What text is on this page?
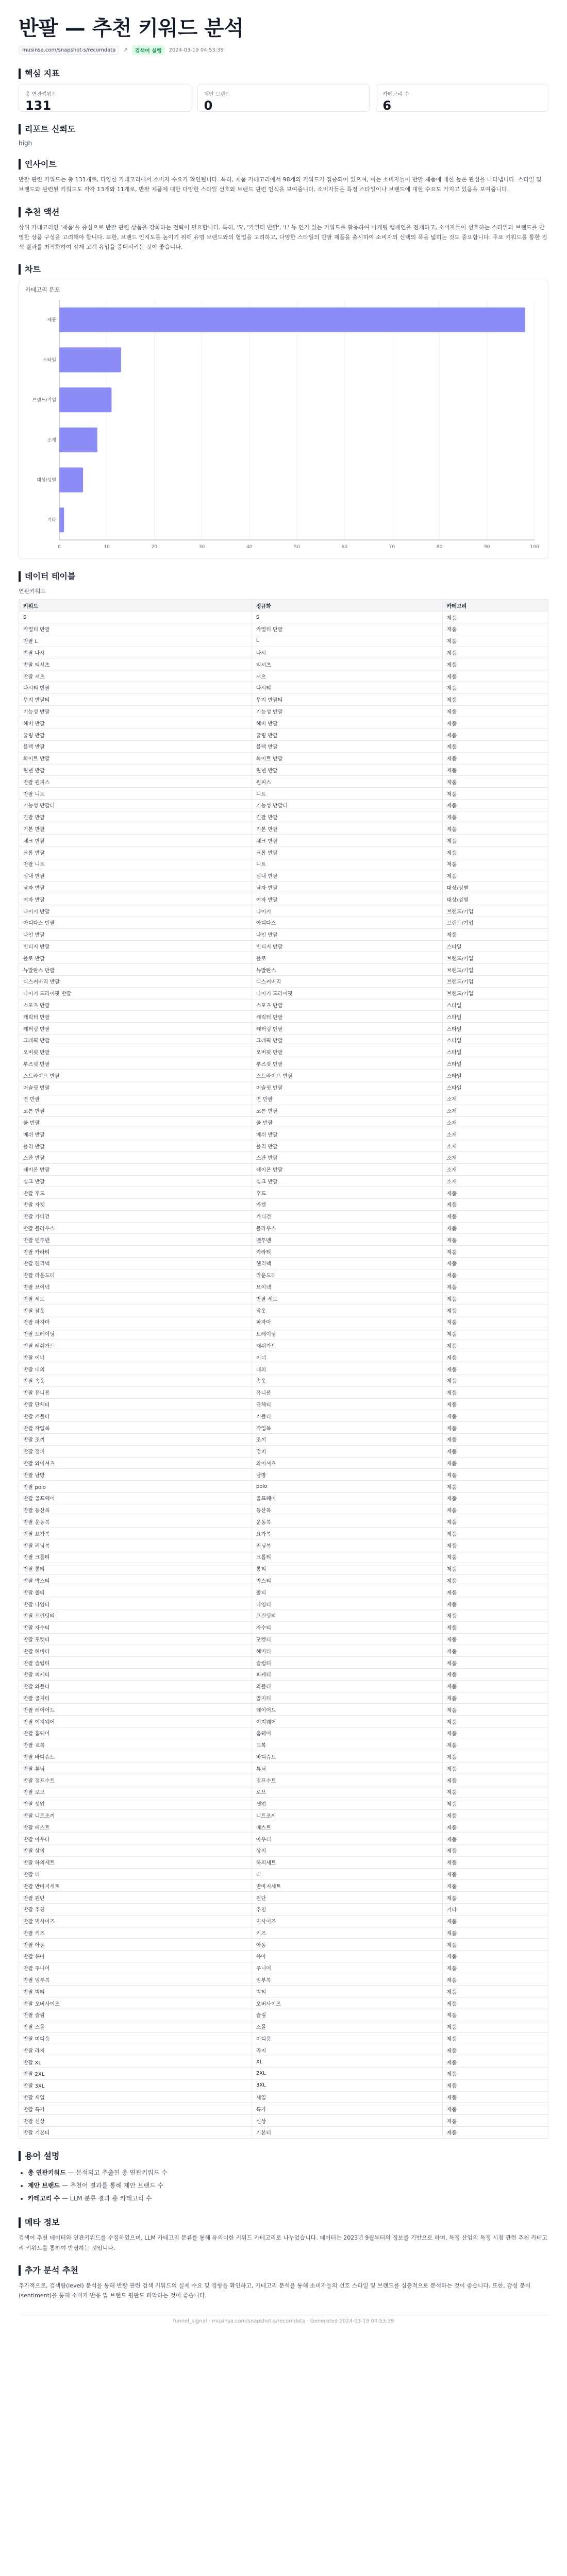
반팔 — 추천 키워드 분석
musinsa.com/snapshot-s/recomdata	↗	검색어 실행	2024-03-19 04:53:39
핵심 지표
총 연관키워드
131
제안 브랜드
0
카테고리 수
6
리포트 신뢰도
high
인사이트

반팔 관련 키워드는 총 131개로, 다양한 카테고리에서 소비자 수요가 확인됩니다. 특히, 제품 카테고리에서 98개의 키워드가 집중되어 있으며, 이는 소비자들이 반팔 제품에 대한 높은 관심을 나타냅니다. 스타일 및 브랜드와 관련된 키워드도 각각 13개와 11개로, 반팔 제품에 대한 다양한 스타일 선호와 브랜드 관련 인식을 보여줍니다. 소비자들은 특정 스타일이나 브랜드에 대한 수요도 가지고 있음을 보여줍니다.

추천 액션

상위 카테고리인 '제품'을 중심으로 반팔 관련 상품을 강화하는 전략이 필요합니다. 특히, 'S', '카열티 반팔', 'L' 등 인기 있는 키워드를 활용하여 마케팅 캠페인을 전개하고, 소비자들이 선호하는 스타일과 브랜드를 반영한 상품 구성을 고려해야 합니다. 또한, 브랜드 인지도를 높이기 위해 유명 브랜드와의 협업을 고려하고, 다양한 스타일의 반팔 제품을 출시하여 소비자의 선택의 폭을 넓히는 것도 중요합니다. 주요 키워드를 통한 검색 결과를 최적화하여 잠재 고객 유입을 증대시키는 것이 좋습니다.

차트
카테고리 분포
0	10	20	30	40	50	60	70	80	90	100
제품
스타일
브랜드/기업
소재
대상/성별
기타
데이터 테이블
연관키워드
키워드	정규화	카테고리
S	S	제품
카열티 반팔	카열티 반팔	제품
반팔 L	L	제품
반팔 나시	나시	제품
반팔 티셔츠	티셔츠	제품
반팔 셔츠	셔츠	제품
나시티 반팔	나시티	제품
무지 반팔티	무지 반팔티	제품
기능성 반팔	기능성 반팔	제품
헤비 반팔	헤비 반팔	제품
쿨링 반팔	쿨링 반팔	제품
블랙 반팔	블랙 반팔	제품
화이트 반팔	화이트 반팔	제품
린넨 반팔	린넨 반팔	제품
반팔 원피스	원피스	제품
반팔 니트	니트	제품
기능성 반팔티	기능성 반팔티	제품
긴팔 반팔	긴팔 반팔	제품
기본 반팔	기본 반팔	제품
체크 반팔	체크 반팔	제품
크롭 반팔	크롭 반팔	제품
반팔 니트	니트	제품
실내 반팔	실내 반팔	제품
남자 반팔	남자 반팔	대상/성별
여자 반팔	여자 반팔	대상/성별
나이키 반팔	나이키	브랜드/기업
아디다스 반팔	아디다스	브랜드/기업
나인 반팔	나인 반팔	제품
빈티지 반팔	빈티지 반팔	스타일
폴로 반팔	폴로	브랜드/기업
뉴발란스 반팔	뉴발란스	브랜드/기업
디스커버리 반팔	디스커버리	브랜드/기업
나이키 드라이핏 반팔	나이키 드라이핏	브랜드/기업
스포츠 반팔	스포츠 반팔	스타일
캐릭터 반팔	캐릭터 반팔	스타일
레터링 반팔	레터링 반팔	스타일
그래픽 반팔	그래픽 반팔	스타일
오버핏 반팔	오버핏 반팔	스타일
루즈핏 반팔	루즈핏 반팔	스타일
스트라이프 반팔	스트라이프 반팔	스타일
머슬핏 반팔	머슬핏 반팔	스타일
면 반팔	면 반팔	소재
코튼 반팔	코튼 반팔	소재
쿨 반팔	쿨 반팔	소재
메쉬 반팔	메쉬 반팔	소재
폴리 반팔	폴리 반팔	소재
스판 반팔	스판 반팔	소재
레이온 반팔	레이온 반팔	소재
실크 반팔	실크 반팔	소재
반팔 후드	후드	제품
반팔 자켓	자켓	제품
반팔 가디건	가디건	제품
반팔 블라우스	블라우스	제품
반팔 맨투맨	맨투맨	제품
반팔 카라티	카라티	제품
반팔 헨리넥	헨리넥	제품
반팔 라운드티	라운드티	제품
반팔 브이넥	브이넥	제품
반팔 세트	반팔 세트	제품
반팔 잠옷	잠옷	제품
반팔 파자마	파자마	제품
반팔 트레이닝	트레이닝	제품
반팔 래쉬가드	래쉬가드	제품
반팔 이너	이너	제품
반팔 내의	내의	제품
반팔 속옷	속옷	제품
반팔 유니폼	유니폼	제품
반팔 단체티	단체티	제품
반팔 커플티	커플티	제품
반팔 작업복	작업복	제품
반팔 조끼	조끼	제품
반팔 점퍼	점퍼	제품
반팔 와이셔츠	와이셔츠	제품
반팔 남방	남방	제품
반팔 polo	polo	제품
반팔 골프웨어	골프웨어	제품
반팔 등산복	등산복	제품
반팔 운동복	운동복	제품
반팔 요가복	요가복	제품
반팔 러닝복	러닝복	제품
반팔 크롭티	크롭티	제품
반팔 롱티	롱티	제품
반팔 박스티	박스티	제품
반팔 쫄티	쫄티	제품
반팔 나염티	나염티	제품
반팔 프린팅티	프린팅티	제품
반팔 자수티	자수티	제품
반팔 포켓티	포켓티	제품
반팔 헤비티	헤비티	제품
반팔 슬럽티	슬럽티	제품
반팔 피케티	피케티	제품
반팔 와플티	와플티	제품
반팔 골지티	골지티	제품
반팔 레이어드	레이어드	제품
반팔 이지웨어	이지웨어	제품
반팔 홈웨어	홈웨어	제품
반팔 교복	교복	제품
반팔 바디슈트	바디슈트	제품
반팔 튜닉	튜닉	제품
반팔 점프수트	점프수트	제품
반팔 로브	로브	제품
반팔 셋업	셋업	제품
반팔 니트조끼	니트조끼	제품
반팔 베스트	베스트	제품
반팔 아우터	아우터	제품
반팔 상의	상의	제품
반팔 하의세트	하의세트	제품
반팔 티	티	제품
반팔 반바지세트	반바지세트	제품
반팔 원단	원단	제품
반팔 추천	추천	기타
반팔 빅사이즈	빅사이즈	제품
반팔 키즈	키즈	제품
반팔 아동	아동	제품
반팔 유아	유아	제품
반팔 주니어	주니어	제품
반팔 임부복	임부복	제품
반팔 빅티	빅티	제품
반팔 오버사이즈	오버사이즈	제품
반팔 슬림	슬림	제품
반팔 스몰	스몰	제품
반팔 미디움	미디움	제품
반팔 라지	라지	제품
반팔 XL	XL	제품
반팔 2XL	2XL	제품
반팔 3XL	3XL	제품
반팔 세일	세일	제품
반팔 특가	특가	제품
반팔 신상	신상	제품
반팔 기본티	기본티	제품
용어 설명
• 총 연관키워드 — 분석되고 추출된 총 연관키워드 수
• 제안 브랜드 — 추천어 결과를 통해 제안 브랜드 수
• 카테고리 수 — LLM 분류 결과 총 카테고리 수
메타 정보

검색어 추천 데이터와 연관키워드를 수집하였으며, LLM 카테고리 분류를 통해 유의미한 키워드 카테고리로 나누었습니다. 데이터는 2023년 9월부터의 정보를 기반으로 하며, 특정 산업의 특정 시점 관련 추천 카테고리 키워드를 통하여 반영하는 것입니다.

추가 분석 추천

추가적으로, 검색량(level) 분석을 통해 반팔 관련 검색 키워드의 실제 수요 및 경향을 확인하고, 카테고리 분석을 통해 소비자들의 선호 스타일 및 브랜드를 심층적으로 분석하는 것이 좋습니다. 또한, 감성 분석(sentiment)을 통해 소비자 반응 및 브랜드 평판도 파악하는 것이 좋습니다.

funnel_signal · musinsa.com/snapshot-s/recomdata · Generated 2024-03-19 04:53:39
